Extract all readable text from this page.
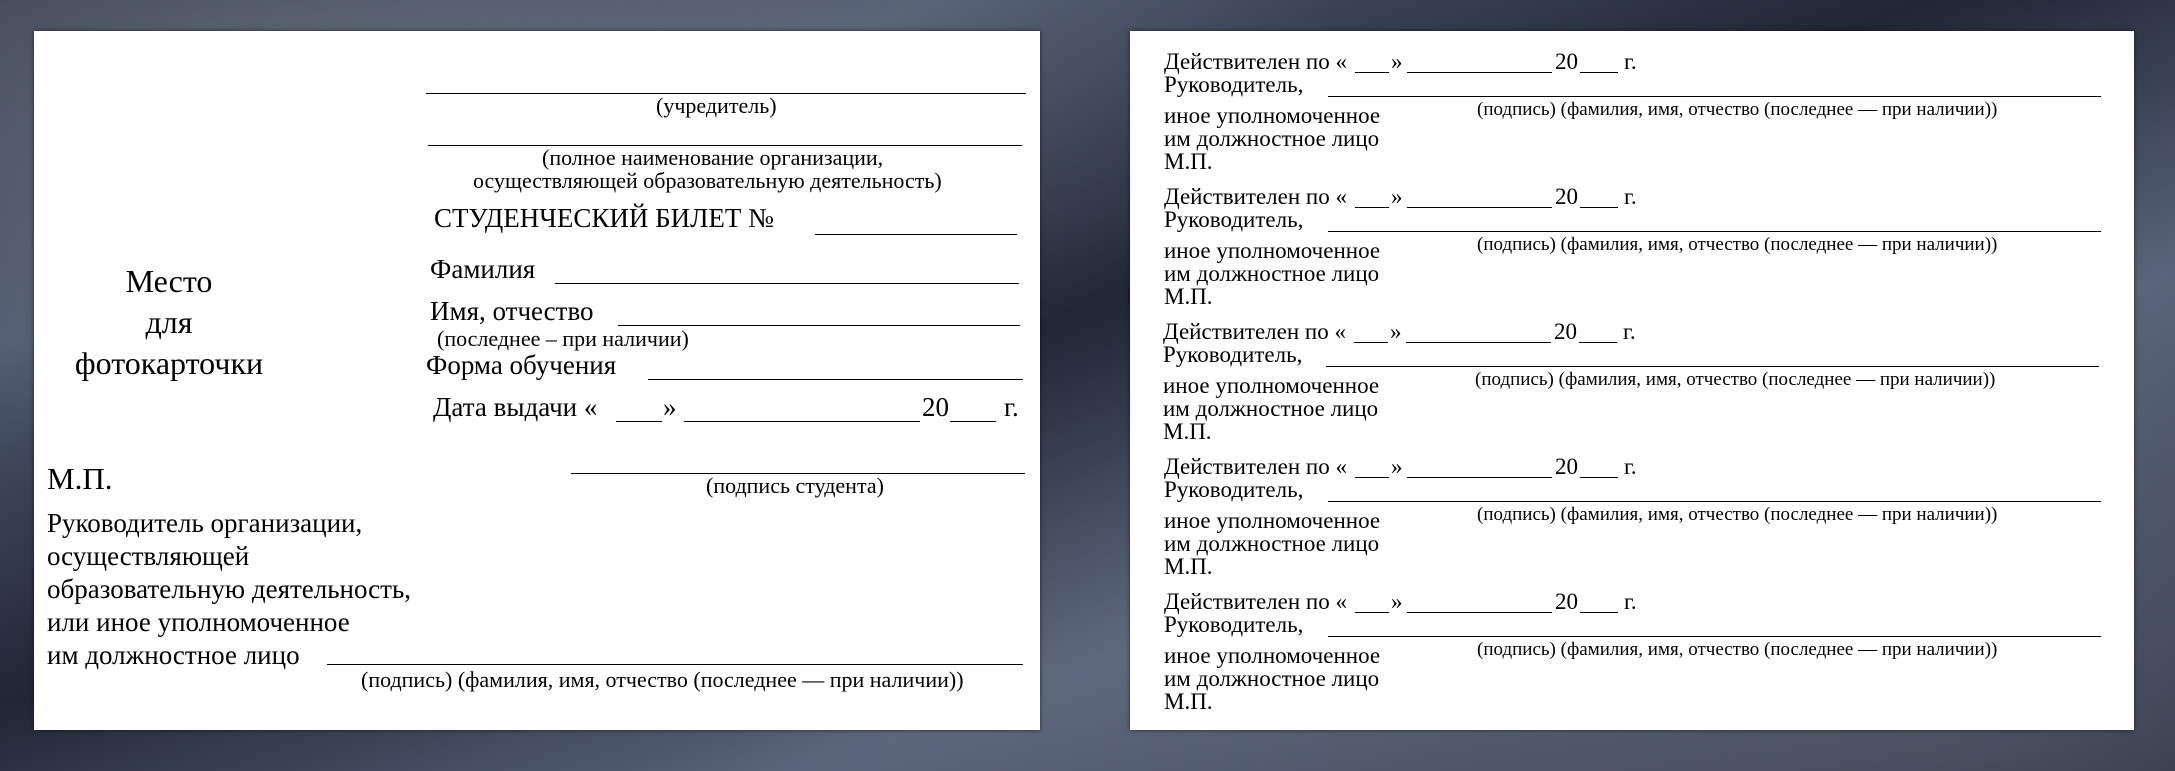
(учредитель)
(полное наименование организации,
осуществляющей образовательную деятельность)
СТУДЕНЧЕСКИЙ БИЛЕТ №
Место
для
фотокарточки
Фамилия
Имя, отчество
(последнее – при наличии)
Форма обучения
Дата выдачи « »	20 г.
(подпись студента)
М.П.
Руководитель организации,
осуществляющей
образовательную деятельность,
или иное уполномоченное
им должностное лицо
(подпись) (фамилия, имя, отчество (последнее — при наличии))
Действителен по « »	20 г.
Руководитель,
(подпись) (фамилия, имя, отчество (последнее — при наличии))
иное уполномоченное
им должностное лицо
М.П.
Действителен по « »	20 г.
Руководитель,
(подпись) (фамилия, имя, отчество (последнее — при наличии))
иное уполномоченное
им должностное лицо
М.П.
Действителен по « »	20 г.
Руководитель,
(подпись) (фамилия, имя, отчество (последнее — при наличии))
иное уполномоченное
им должностное лицо
М.П.
Действителен по « »	20 г.
Руководитель,
(подпись) (фамилия, имя, отчество (последнее — при наличии))
иное уполномоченное
им должностное лицо
М.П.
Действителен по « »	20 г.
Руководитель,
(подпись) (фамилия, имя, отчество (последнее — при наличии))
иное уполномоченное
им должностное лицо
М.П.
